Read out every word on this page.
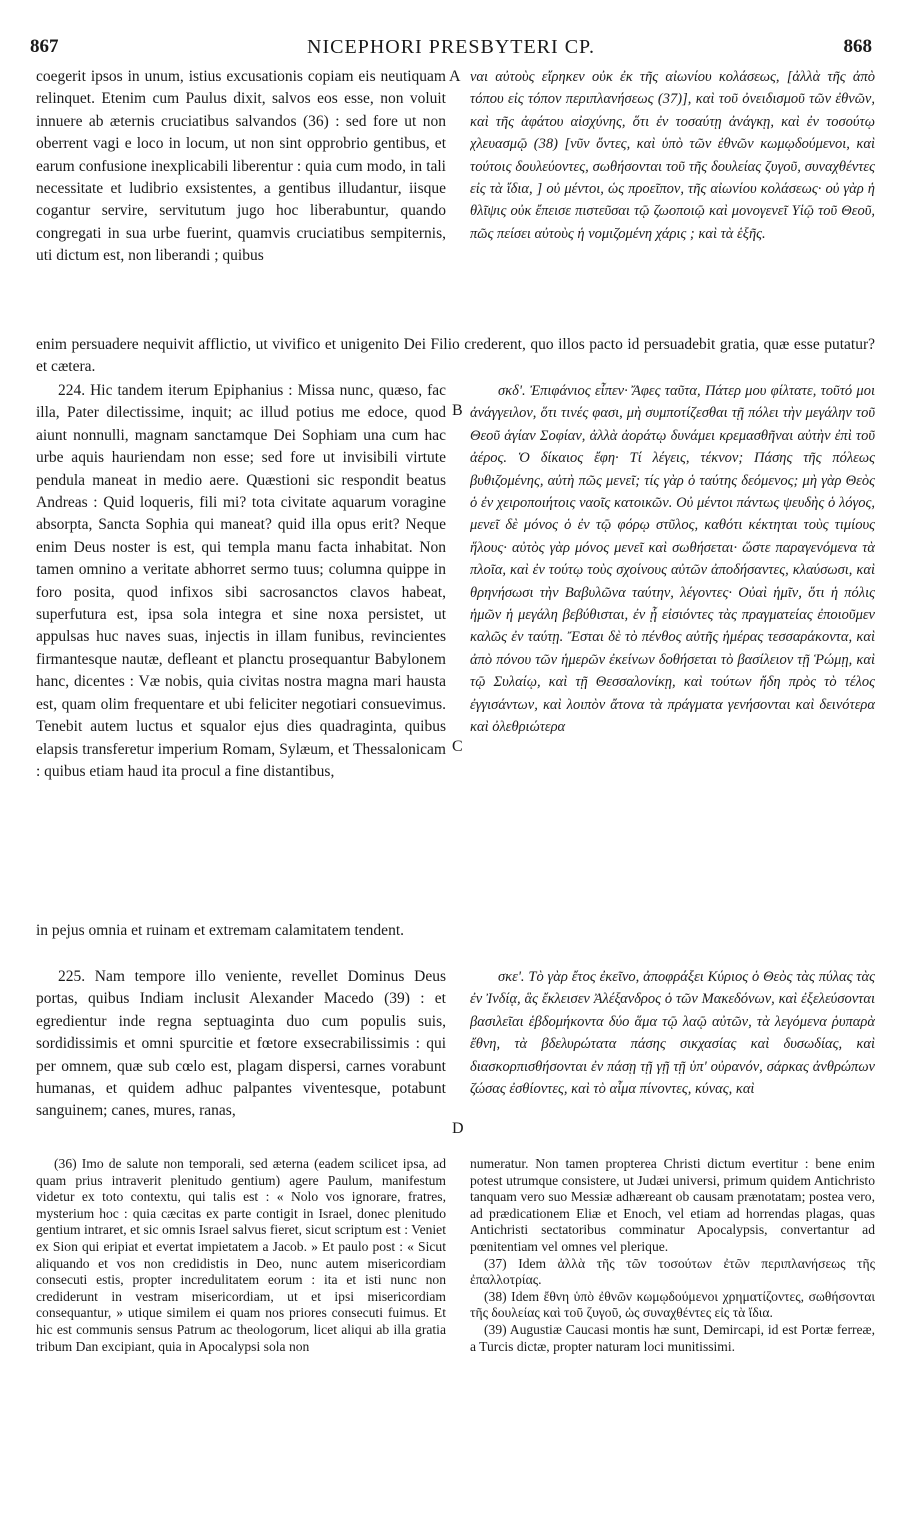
867	NICEPHORI PRESBYTERI CP.	868

coegerit ipsos in unum, istius excusationis copiam eis neutiquam relinquet. Etenim cum Paulus dixit, salvos eos esse, non voluit innuere ab æternis cruciatibus salvandos (36) : sed fore ut non oberrent vagi e loco in locum, ut non sint opprobrio gentibus, et earum confusione inexplicabili liberentur : quia cum modo, in tali necessitate et ludibrio exsistentes, a gentibus illudantur, iisque cogantur servire, servitutum jugo hoc liberabuntur, quando congregati in sua urbe fuerint, quamvis cruciatibus sempiternis, uti dictum est, non liberandi ; quibus

ναι αὐτοὺς εἴρηκεν οὐκ ἐκ τῆς αἰωνίου κολάσεως, [ἀλλὰ τῆς ἀπὸ τόπου εἰς τόπον περιπλανήσεως (37)], καὶ τοῦ ὀνειδισμοῦ τῶν ἐθνῶν, καὶ τῆς ἀφάτου αἰσχύνης, ὅτι ἐν τοσαύτῃ ἀνάγκῃ, καὶ ἐν τοσούτῳ χλευασμῷ (38) [νῦν ὄντες, καὶ ὑπὸ τῶν ἐθνῶν κωμῳδούμενοι, καὶ τούτοις δουλεύοντες, σωθήσονται τοῦ τῆς δουλείας ζυγοῦ, συναχθέντες εἰς τὰ ἴδια, ] οὐ μέντοι, ὡς προεῖπον, τῆς αἰωνίου κολάσεως· οὐ γὰρ ἡ θλῖψις οὐκ ἔπεισε πιστεῦσαι τῷ ζωοποιῷ καὶ μονογενεῖ Υἱῷ τοῦ Θεοῦ, πῶς πείσει αὐτοὺς ἡ νομιζομένη χάρις ; καὶ τὰ ἑξῆς.

enim persuadere nequivit afflictio, ut vivifico et unigenito Dei Filio crederent, quo illos pacto id persuadebit gratia, quæ esse putatur? et cætera.

224. Hic tandem iterum Epiphanius : Missa nunc, quæso, fac illa, Pater dilectissime, inquit; ac illud potius me edoce, quod aiunt nonnulli, magnam sanctamque Dei Sophiam una cum hac urbe aquis hauriendam non esse; sed fore ut invisibili virtute pendula maneat in medio aere. Quæstioni sic respondit beatus Andreas : Quid loqueris, fili mi? tota civitate aquarum voragine absorpta, Sancta Sophia qui maneat? quid illa opus erit? Neque enim Deus noster is est, qui templa manu facta inhabitat. Non tamen omnino a veritate abhorret sermo tuus; columna quippe in foro posita, quod infixos sibi sacrosanctos clavos habeat, superfutura est, ipsa sola integra et sine noxa persistet, ut appulsas huc naves suas, injectis in illam funibus, revincientes firmantesque nautæ, defleant et planctu prosequantur Babylonem hanc, dicentes : Væ nobis, quia civitas nostra magna mari hausta est, quam olim frequentare et ubi feliciter negotiari consuevimus. Tenebit autem luctus et squalor ejus dies quadraginta, quibus elapsis transferetur imperium Romam, Sylæum, et Thessalonicam : quibus etiam haud ita procul a fine distantibus,

σκδ'. Ἐπιφάνιος εἶπεν· Ἄφες ταῦτα, Πάτερ μου φίλτατε, τοῦτό μοι ἀνάγγειλον, ὅτι τινές φασι, μὴ συμποτίζεσθαι τῇ πόλει τὴν μεγάλην τοῦ Θεοῦ ἁγίαν Σοφίαν, ἀλλὰ ἀοράτῳ δυνάμει κρεμασθῆναι αὐτὴν ἐπὶ τοῦ ἀέρος. Ὁ δίκαιος ἔφη· Τί λέγεις, τέκνον; Πάσης τῆς πόλεως βυθιζομένης, αὐτὴ πῶς μενεῖ; τίς γὰρ ὁ ταύτης δεόμενος; μὴ γὰρ Θεὸς ὁ ἐν χειροποιήτοις ναοῖς κατοικῶν. Οὐ μέντοι πάντως ψευδὴς ὁ λόγος, μενεῖ δὲ μόνος ὁ ἐν τῷ φόρῳ στῦλος, καθότι κέκτηται τοὺς τιμίους ἥλους· αὐτὸς γὰρ μόνος μενεῖ καὶ σωθήσεται· ὥστε παραγενόμενα τὰ πλοῖα, καὶ ἐν τούτῳ τοὺς σχοίνους αὐτῶν ἀποδήσαντες, κλαύσωσι, καὶ θρηνήσωσι τὴν Βαβυλῶνα ταύτην, λέγοντες· Οὐαὶ ἡμῖν, ὅτι ἡ πόλις ἡμῶν ἡ μεγάλη βεβύθισται, ἐν ᾗ εἰσιόντες τὰς πραγματείας ἐποιοῦμεν καλῶς ἐν ταύτῃ. Ἔσται δὲ τὸ πένθος αὐτῆς ἡμέρας τεσσαράκοντα, καὶ ἀπὸ πόνου τῶν ἡμερῶν ἐκείνων δοθήσεται τὸ βασίλειον τῇ Ῥώμῃ, καὶ τῷ Συλαίῳ, καὶ τῇ Θεσσαλονίκῃ, καὶ τούτων ἤδη πρὸς τὸ τέλος ἐγγισάντων, καὶ λοιπὸν ἄτονα τὰ πράγματα γενήσονται καὶ δεινότερα καὶ ὀλεθριώτερα

in pejus omnia et ruinam et extremam calamitatem tendent.

225. Nam tempore illo veniente, revellet Dominus Deus portas, quibus Indiam inclusit Alexander Macedo (39) : et egredientur inde regna septuaginta duo cum populis suis, sordidissimis et omni spurcitie et fœtore exsecrabilissimis : qui per omnem, quæ sub cœlo est, plagam dispersi, carnes vorabunt humanas, et quidem adhuc palpantes viventesque, potabunt sanguinem; canes, mures, ranas,

σκε'. Τὸ γὰρ ἔτος ἐκεῖνο, ἀποφράξει Κύριος ὁ Θεὸς τὰς πύλας τὰς ἐν Ἰνδίᾳ, ἃς ἔκλεισεν Ἀλέξανδρος ὁ τῶν Μακεδόνων, καὶ ἐξελεύσονται βασιλεῖαι ἑβδομήκοντα δύο ἅμα τῷ λαῷ αὐτῶν, τὰ λεγόμενα ῥυπαρὰ ἔθνη, τὰ βδελυρώτατα πάσης σικχασίας καὶ δυσωδίας, καὶ διασκορπισθήσονται ἐν πάσῃ τῇ γῇ τῇ ὑπ' οὐρανόν, σάρκας ἀνθρώπων ζώσας ἐσθίοντες, καὶ τὸ αἷμα πίνοντες, κύνας, καὶ

A
B
C
D

(36) Imo de salute non temporali, sed æterna (eadem scilicet ipsa, ad quam prius intraverit plenitudo gentium) agere Paulum, manifestum videtur ex toto contextu, qui talis est : « Nolo vos ignorare, fratres, mysterium hoc : quia cæcitas ex parte contigit in Israel, donec plenitudo gentium intraret, et sic omnis Israel salvus fieret, sicut scriptum est : Veniet ex Sion qui eripiat et evertat impietatem a Jacob. » Et paulo post : « Sicut aliquando et vos non credidistis in Deo, nunc autem misericordiam consecuti estis, propter incredulitatem eorum : ita et isti nunc non crediderunt in vestram misericordiam, ut et ipsi misericordiam consequantur, » utique similem ei quam nos priores consecuti fuimus. Et hic est communis sensus Patrum ac theologorum, licet aliqui ab illa gratia tribum Dan excipiant, quia in Apocalypsi sola non

numeratur. Non tamen propterea Christi dictum evertitur : bene enim potest utrumque consistere, ut Judæi universi, primum quidem Antichristo tanquam vero suo Messiæ adhæreant ob causam prænotatam; postea vero, ad prædicationem Eliæ et Enoch, vel etiam ad horrendas plagas, quas Antichristi sectatoribus comminatur Apocalypsis, convertantur ad pœnitentiam vel omnes vel plerique.

(37) Idem ἀλλὰ τῆς τῶν τοσούτων ἐτῶν περιπλανήσεως τῆς ἐπαλλοτρίας.

(38) Idem ἔθνη ὑπὸ ἐθνῶν κωμῳδούμενοι χρηματίζοντες, σωθήσονται τῆς δουλείας καὶ τοῦ ζυγοῦ, ὡς συναχθέντες εἰς τὰ ἴδια.

(39) Augustiæ Caucasi montis hæ sunt, Demircapi, id est Portæ ferreæ, a Turcis dictæ, propter naturam loci munitissimi.
